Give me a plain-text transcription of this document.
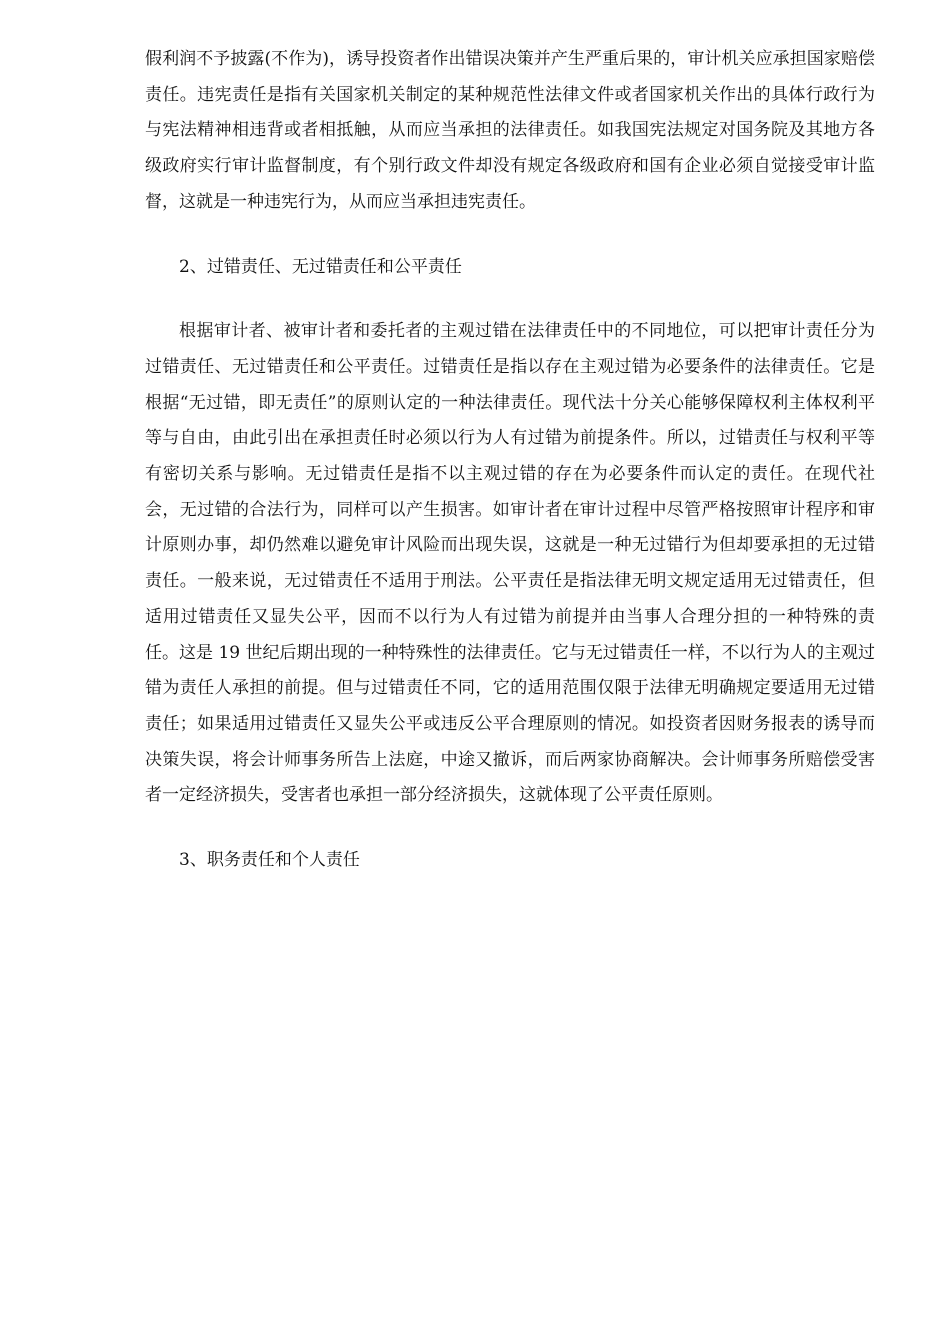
假利润不予披露(不作为)，诱导投资者作出错误决策并产生严重后果的，审计机关应承担国家赔偿责任。违宪责任是指有关国家机关制定的某种规范性法律文件或者国家机关作出的具体行政行为与宪法精神相违背或者相抵触，从而应当承担的法律责任。如我国宪法规定对国务院及其地方各级政府实行审计监督制度，有个别行政文件却没有规定各级政府和国有企业必须自觉接受审计监督，这就是一种违宪行为，从而应当承担违宪责任。

2、过错责任、无过错责任和公平责任

根据审计者、被审计者和委托者的主观过错在法律责任中的不同地位，可以把审计责任分为过错责任、无过错责任和公平责任。过错责任是指以存在主观过错为必要条件的法律责任。它是根据“无过错，即无责任”的原则认定的一种法律责任。现代法十分关心能够保障权利主体权利平等与自由，由此引出在承担责任时必须以行为人有过错为前提条件。所以，过错责任与权利平等有密切关系与影响。无过错责任是指不以主观过错的存在为必要条件而认定的责任。在现代社会，无过错的合法行为，同样可以产生损害。如审计者在审计过程中尽管严格按照审计程序和审计原则办事，却仍然难以避免审计风险而出现失误，这就是一种无过错行为但却要承担的无过错责任。一般来说，无过错责任不适用于刑法。公平责任是指法律无明文规定适用无过错责任，但适用过错责任又显失公平，因而不以行为人有过错为前提并由当事人合理分担的一种特殊的责任。这是 19 世纪后期出现的一种特殊性的法律责任。它与无过错责任一样，不以行为人的主观过错为责任人承担的前提。但与过错责任不同，它的适用范围仅限于法律无明确规定要适用无过错责任；如果适用过错责任又显失公平或违反公平合理原则的情况。如投资者因财务报表的诱导而决策失误，将会计师事务所告上法庭，中途又撤诉，而后两家协商解决。会计师事务所赔偿受害者一定经济损失，受害者也承担一部分经济损失，这就体现了公平责任原则。

3、职务责任和个人责任
